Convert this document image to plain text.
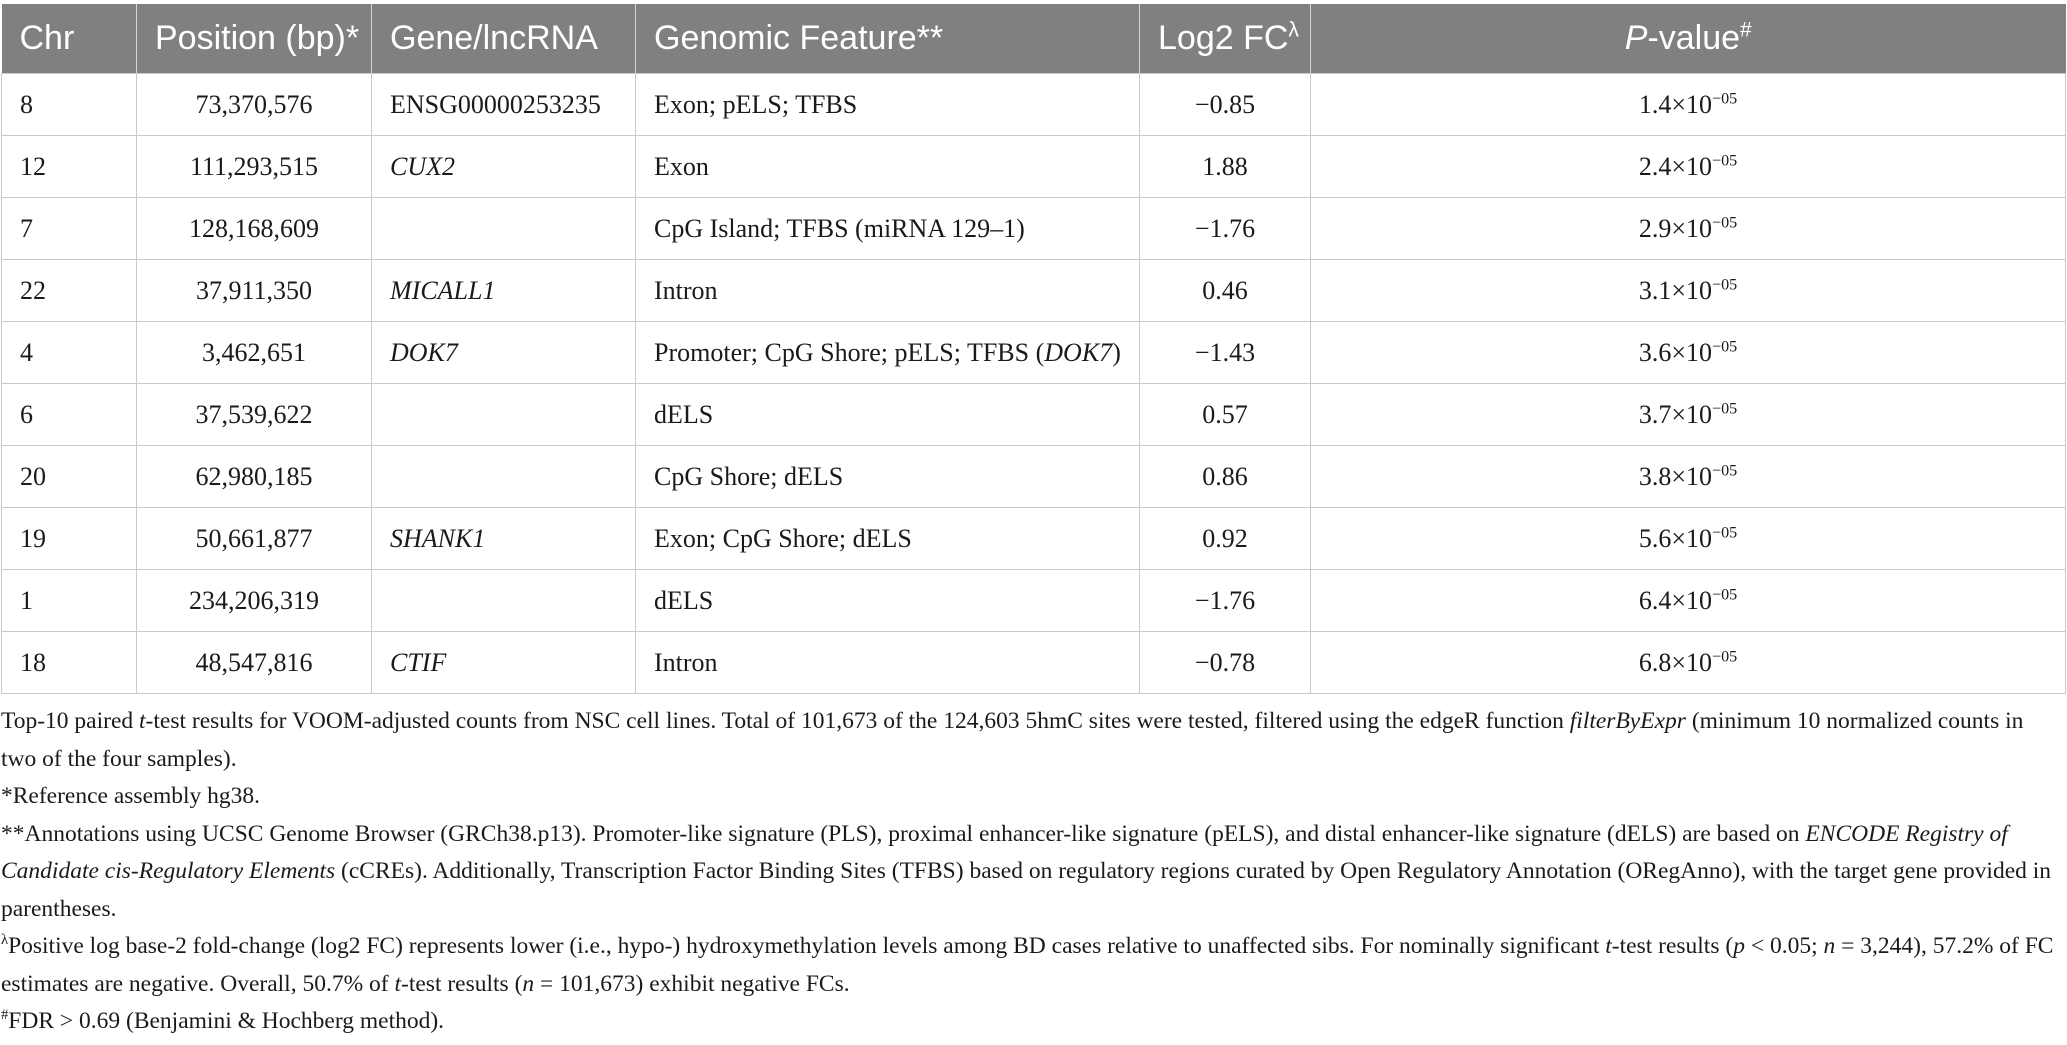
Chr	Position (bp)*	Gene/lncRNA	Genomic Feature**	Log2 $FC^\lambda$	P-value#
8	73,370,576	ENSG00000253235	Exon; pELS; TFBS	−0.85	$1.4\times 10^{-05}$
12	111,293,515	CUX2	Exon	1.88	$2.4\times 10^{-05}$
7	128,168,609		CpG Island; TFBS (miRNA 129–1)	−1.76	$2.9\times 10^{-05}$
22	37,911,350	MICALL1	Intron	0.46	$3.1\times 10^{-05}$
4	3,462,651	DOK7	Promoter; CpG Shore; pELS; TFBS (DOK7)	−1.43	$3.6\times 10^{-05}$
6	37,539,622		dELS	0.57	$3.7\times 10^{-05}$
20	62,980,185		CpG Shore; dELS	0.86	$3.8\times 10^{-05}$
19	50,661,877	SHANK1	Exon; CpG Shore; dELS	0.92	$5.6\times 10^{-05}$
1	234,206,319		dELS	−1.76	$6.4\times 10^{-05}$
18	48,547,816	CTIF	Intron	−0.78	$6.8\times 10^{-05}$

Top-10 paired t-test results for VOOM-adjusted counts from NSC cell lines. Total of 101,673 of the 124,603 5hmC sites were tested, filtered using the edgeR function filterByExpr (minimum 10 normalized counts in two of the four samples).

*Reference assembly hg38.

**Annotations using UCSC Genome Browser (GRCh38.p13). Promoter-like signature (PLS), proximal enhancer-like signature (pELS), and distal enhancer-like signature (dELS) are based on ENCODE Registry of Candidate cis-Regulatory Elements (cCREs). Additionally, Transcription Factor Binding Sites (TFBS) based on regulatory regions curated by Open Regulatory Annotation (ORegAnno), with the target gene provided in parentheses.

$^\lambda$Positive log base-2 fold-change (log2 FC) represents lower (i.e., hypo-) hydroxymethylation levels among BD cases relative to unaffected sibs. For nominally significant t-test results (p < 0.05; n = 3,244), 57.2% of FC estimates are negative. Overall, 50.7% of t-test results (n = 101,673) exhibit negative FCs.

#FDR > 0.69 (Benjamini & Hochberg method).
